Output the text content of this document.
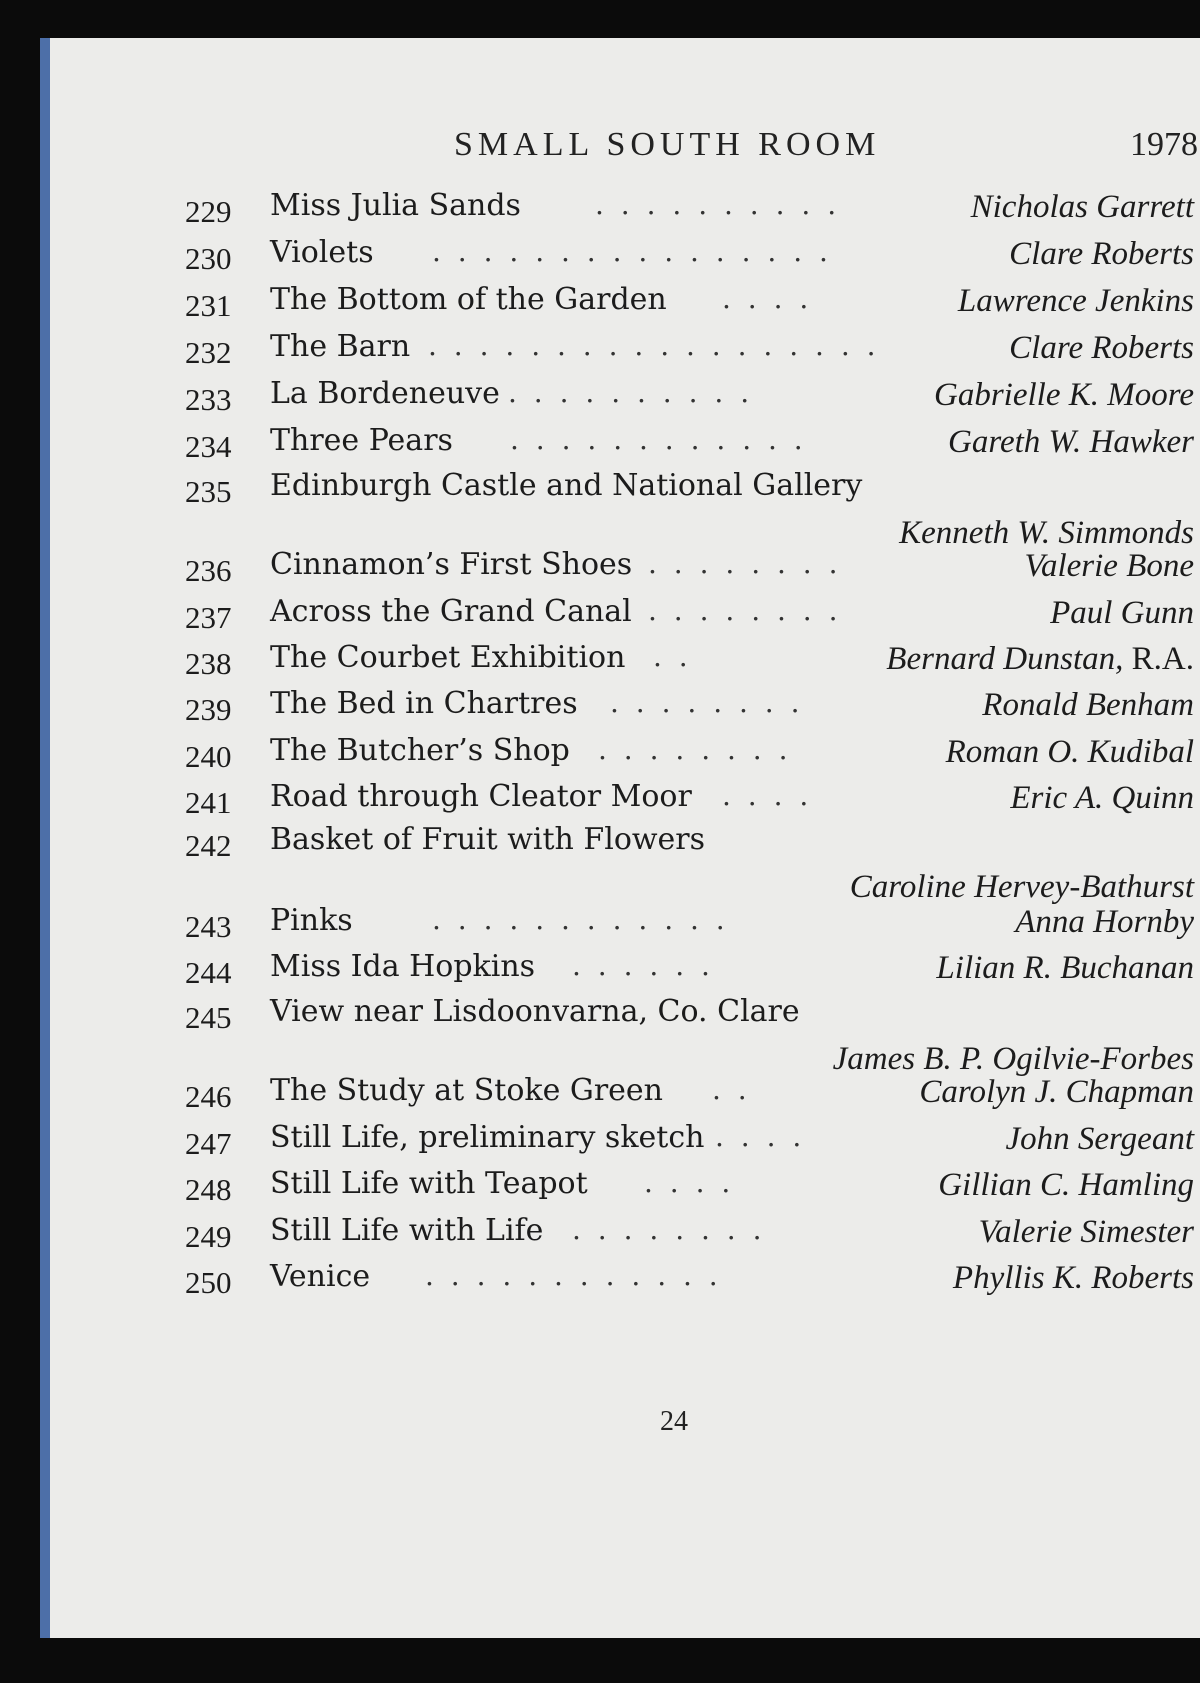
SMALL SOUTH ROOM	1978
229	Miss Julia Sands	. . . . . . . . . .	Nicholas Garrett
230	Violets . . . . . . . . . . . . . . . .	Clare Roberts
231	The Bottom of the Garden . . . .	Lawrence Jenkins
232	The Barn . . . . . . . . . . . . . . . . . .	Clare Roberts
233	La Bordeneuve . . . . . . . . . .	Gabrielle K. Moore
234	Three Pears . . . . . . . . . . . .	Gareth W. Hawker
235	Edinburgh Castle and National Gallery
Kenneth W. Simmonds
236	Cinnamon’s First Shoes . . . . . . . .	Valerie Bone
237	Across the Grand Canal . . . . . . . .	Paul Gunn
238	The Courbet Exhibition . .	Bernard Dunstan, R.A.
239	The Bed in Chartres . . . . . . . .	Ronald Benham
240	The Butcher’s Shop . . . . . . . .	Roman O. Kudibal
241	Road through Cleator Moor . . . .	Eric A. Quinn
242	Basket of Fruit with Flowers
Caroline Hervey-Bathurst
243	Pinks	. . . . . . . . . . . .	Anna Hornby
244	Miss Ida Hopkins . . . . . .	Lilian R. Buchanan
245	View near Lisdoonvarna, Co. Clare
James B. P. Ogilvie-Forbes
246	The Study at Stoke Green . .	Carolyn J. Chapman
247	Still Life, preliminary sketch . . . .	John Sergeant
248	Still Life with Teapot . . . .	Gillian C. Hamling
249	Still Life with Life . . . . . . . .	Valerie Simester
250	Venice . . . . . . . . . . . .	Phyllis K. Roberts
24
